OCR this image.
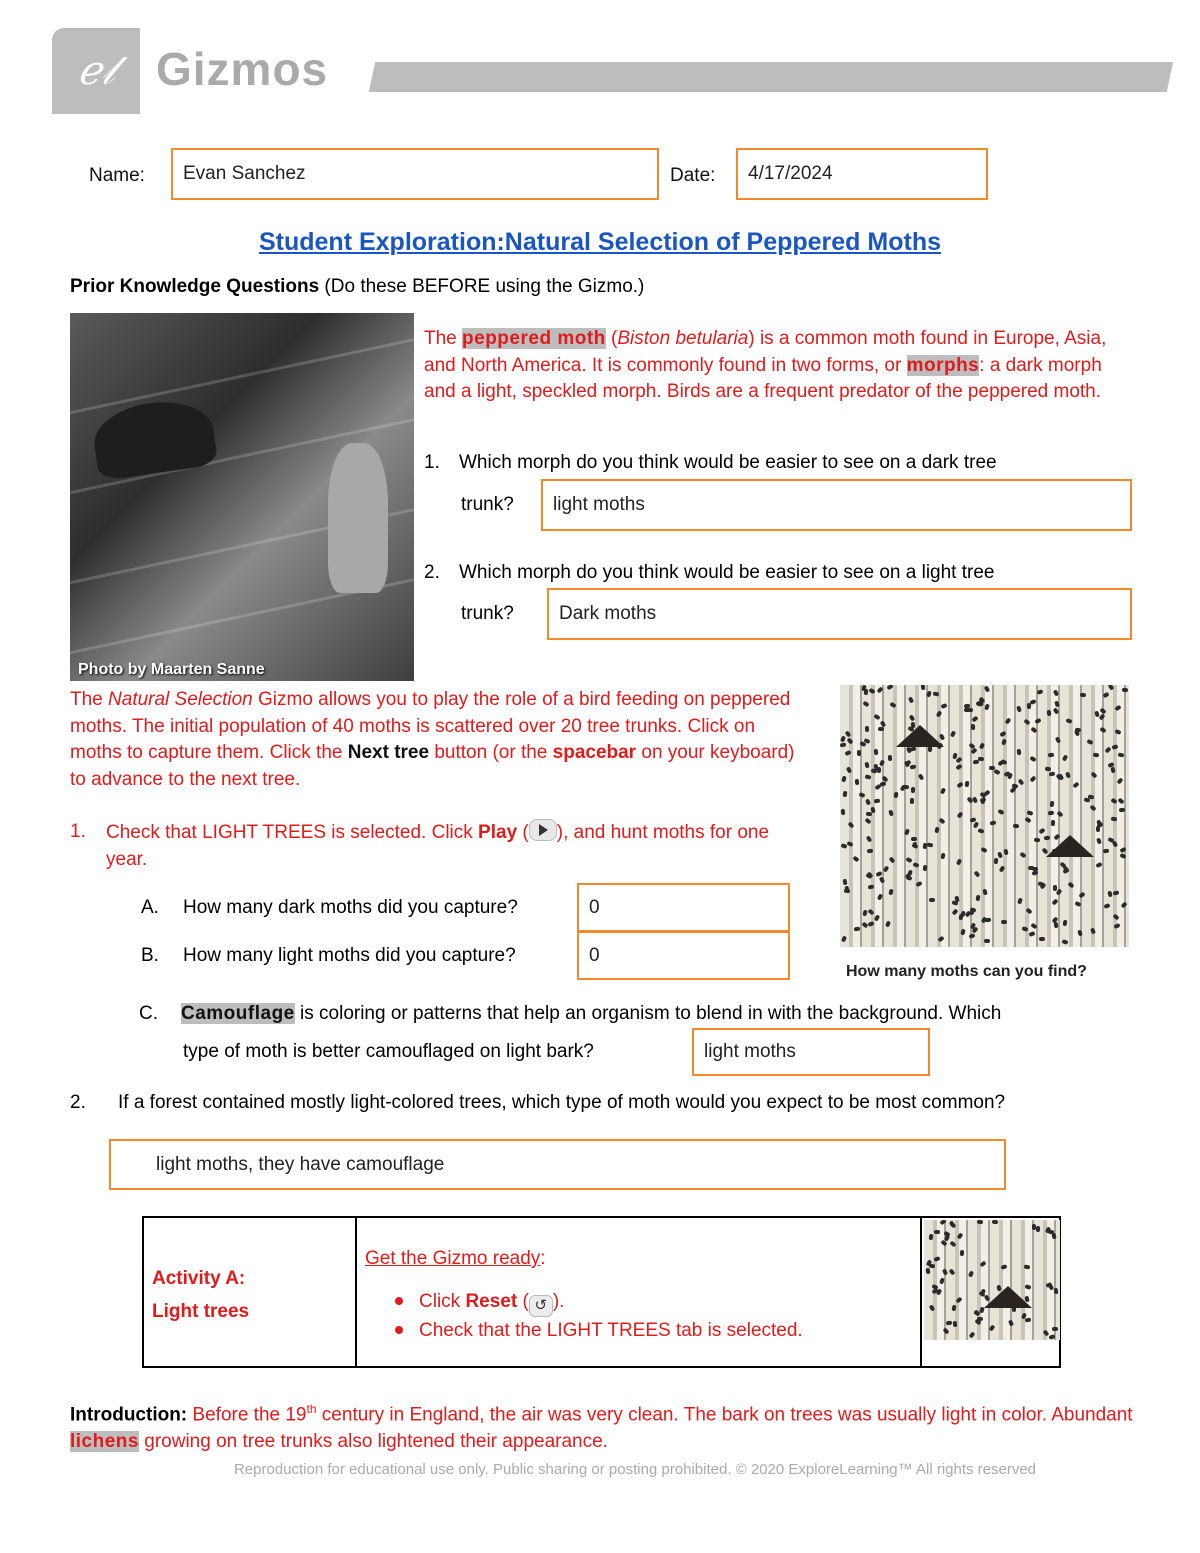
ℯ𝓁 Gizmos
Name:	Evan Sanchez	Date:	4/17/2024
Student Exploration:Natural Selection of Peppered Moths
Prior Knowledge Questions (Do these BEFORE using the Gizmo.)
Photo by Maarten Sanne
The peppered moth (Biston betularia) is a common moth found in Europe, Asia, and North America. It is commonly found in two forms, or morphs: a dark morph and a light, speckled morph. Birds are a frequent predator of the peppered moth.
1. Which morph do you think would be easier to see on a dark tree
trunk?	light moths
2. Which morph do you think would be easier to see on a light tree
trunk?	Dark moths
The Natural Selection Gizmo allows you to play the role of a bird feeding on peppered moths. The initial population of 40 moths is scattered over 20 tree trunks. Click on moths to capture them. Click the Next tree button (or the spacebar on your keyboard) to advance to the next tree.
How many moths can you find?
1. Check that LIGHT TREES is selected. Click Play ( ), and hunt moths for one year.
A. How many dark moths did you capture?	0
B. How many light moths did you capture?	0
C. Camouflage is coloring or patterns that help an organism to blend in with the background. Which
type of moth is better camouflaged on light bark?	light moths
2. If a forest contained mostly light-colored trees, which type of moth would you expect to be most common?
light moths, they have camouflage
Activity A:
Light trees

Get the Gizmo ready:
Click Reset ( ↺ ).
Check that the LIGHT TREES tab is selected.

Introduction: Before the 19th century in England, the air was very clean. The bark on trees was usually light in color. Abundant lichens growing on tree trunks also lightened their appearance.
Reproduction for educational use only. Public sharing or posting prohibited. © 2020 ExploreLearning™ All rights reserved
